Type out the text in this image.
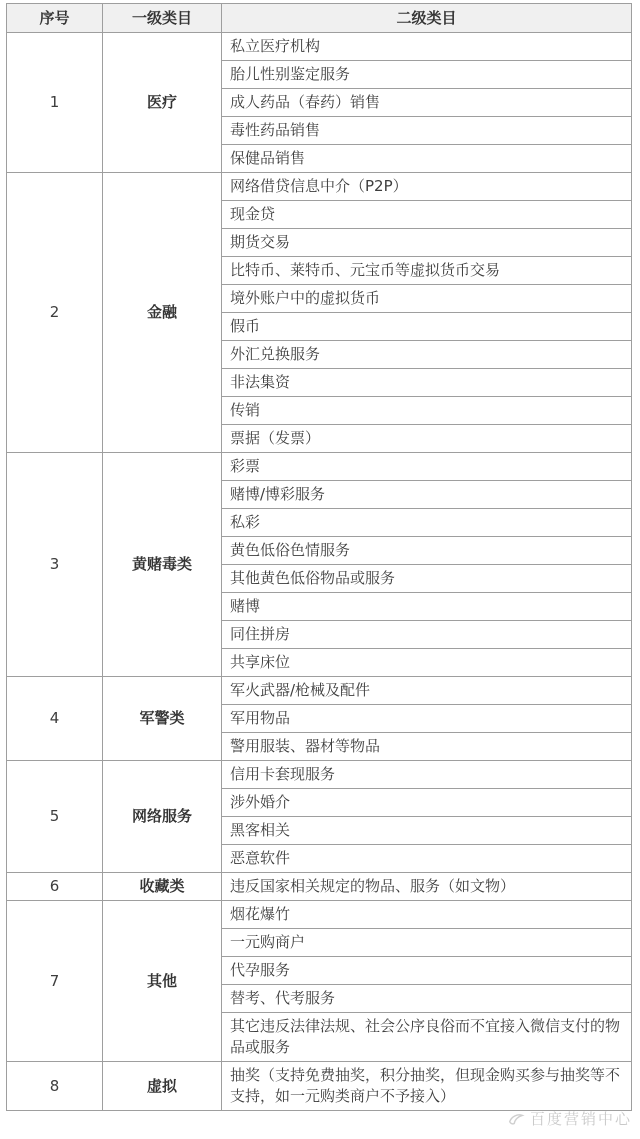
序号	一级类目	二级类目
1	医疗	私立医疗机构
		胎儿性别鉴定服务
		成人药品（春药）销售
		毒性药品销售
		保健品销售
2	金融	网络借贷信息中介（P2P）
		现金贷
		期货交易
		比特币、莱特币、元宝币等虚拟货币交易
		境外账户中的虚拟货币
		假币
		外汇兑换服务
		非法集资
		传销
		票据（发票）
3	黄赌毒类	彩票
		赌博/博彩服务
		私彩
		黄色低俗色情服务
		其他黄色低俗物品或服务
		赌博
		同住拼房
		共享床位
4	军警类	军火武器/枪械及配件
		军用物品
		警用服装、器材等物品
5	网络服务	信用卡套现服务
		涉外婚介
		黑客相关
		恶意软件
6	收藏类	违反国家相关规定的物品、服务（如文物）
7	其他	烟花爆竹
		一元购商户
		代孕服务
		替考、代考服务
		其它违反法律法规、社会公序良俗而不宜接入微信支付的物品或服务
8	虚拟	抽奖（支持免费抽奖，积分抽奖，但现金购买参与抽奖等不支持，如一元购类商户不予接入）
百度营销中心
